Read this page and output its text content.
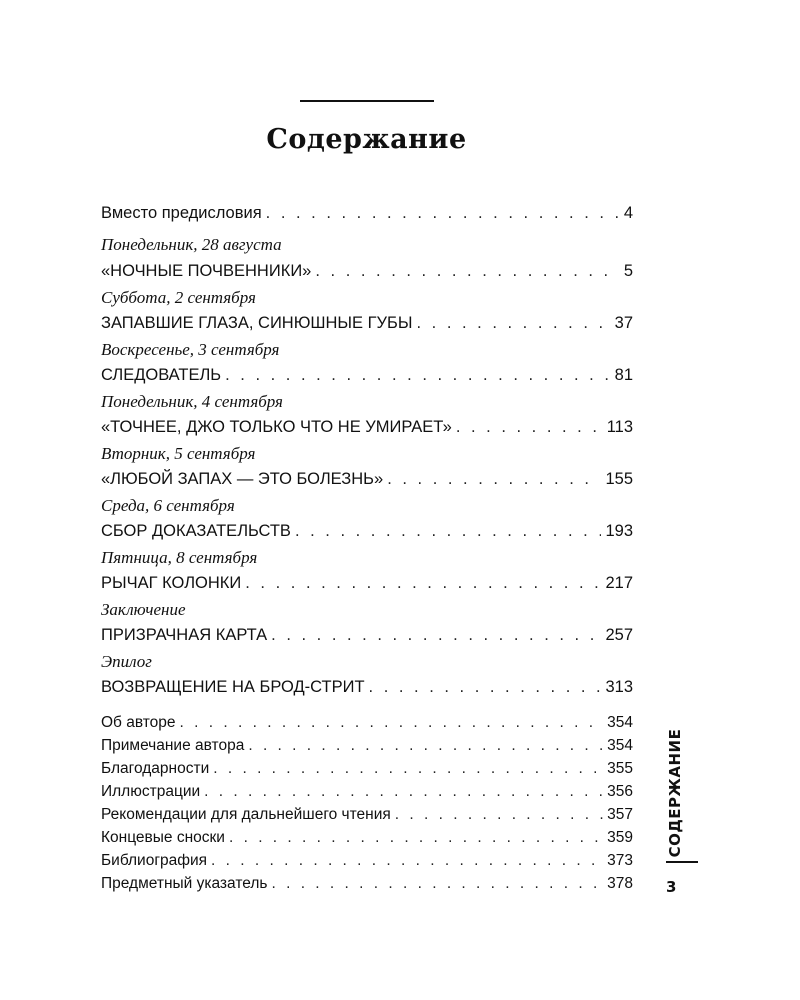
Содержание
Вместо предисловия . . .	4
Понедельник, 28 августа
«НОЧНЫЕ ПОЧВЕННИКИ» . . .	5
Суббота, 2 сентября
ЗАПАВШИЕ ГЛАЗА, СИНЮШНЫЕ ГУБЫ . . .	37
Воскресенье, 3 сентября
СЛЕДОВАТЕЛЬ . . .	81
Понедельник, 4 сентября
«ТОЧНЕЕ, ДЖО ТОЛЬКО ЧТО НЕ УМИРАЕТ» . . .	113
Вторник, 5 сентября
«ЛЮБОЙ ЗАПАХ — ЭТО БОЛЕЗНЬ» . . .	155
Среда, 6 сентября
СБОР ДОКАЗАТЕЛЬСТВ . . .	193
Пятница, 8 сентября
РЫЧАГ КОЛОНКИ . . .	217
Заключение
ПРИЗРАЧНАЯ КАРТА . . .	257
Эпилог
ВОЗВРАЩЕНИЕ НА БРОД-СТРИТ . . .	313
Об авторе . . .	354
Примечание автора . . .	354
Благодарности . . .	355
Иллюстрации . . .	356
Рекомендации для дальнейшего чтения . . .	357
Концевые сноски . . .	359
Библиография . . .	373
Предметный указатель . . .	378
СОДЕРЖАНИЕ
3
